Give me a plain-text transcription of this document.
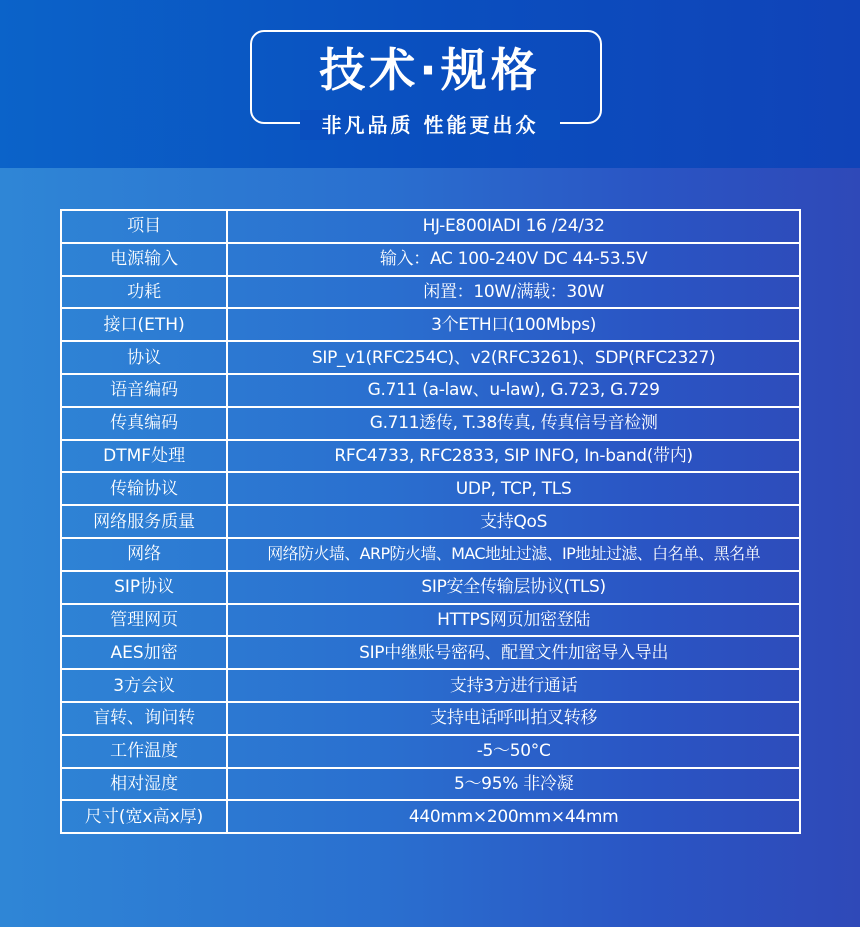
技术·规格
非凡品质 性能更出众
项目	HJ-E800IADI 16 /24/32
电源输入	输入：AC 100-240V DC 44-53.5V
功耗	闲置：10W/满载：30W
接口(ETH)	3个ETH口(100Mbps)
协议	SIP_v1(RFC254C)、v2(RFC3261)、SDP(RFC2327)
语音编码	G.711 (a-law、u-law), G.723, G.729
传真编码	G.711透传, T.38传真, 传真信号音检测
DTMF处理	RFC4733, RFC2833, SIP INFO, In-band(带内)
传输协议	UDP, TCP, TLS
网络服务质量	支持QoS
网络	网络防火墙、ARP防火墙、MAC地址过滤、IP地址过滤、白名单、黑名单
SIP协议	SIP安全传输层协议(TLS)
管理网页	HTTPS网页加密登陆
AES加密	SIP中继账号密码、配置文件加密导入导出
3方会议	支持3方进行通话
盲转、询问转	支持电话呼叫拍叉转移
工作温度	-5～50°C
相对湿度	5～95% 非冷凝
尺寸(宽x高x厚)	440mm×200mm×44mm
